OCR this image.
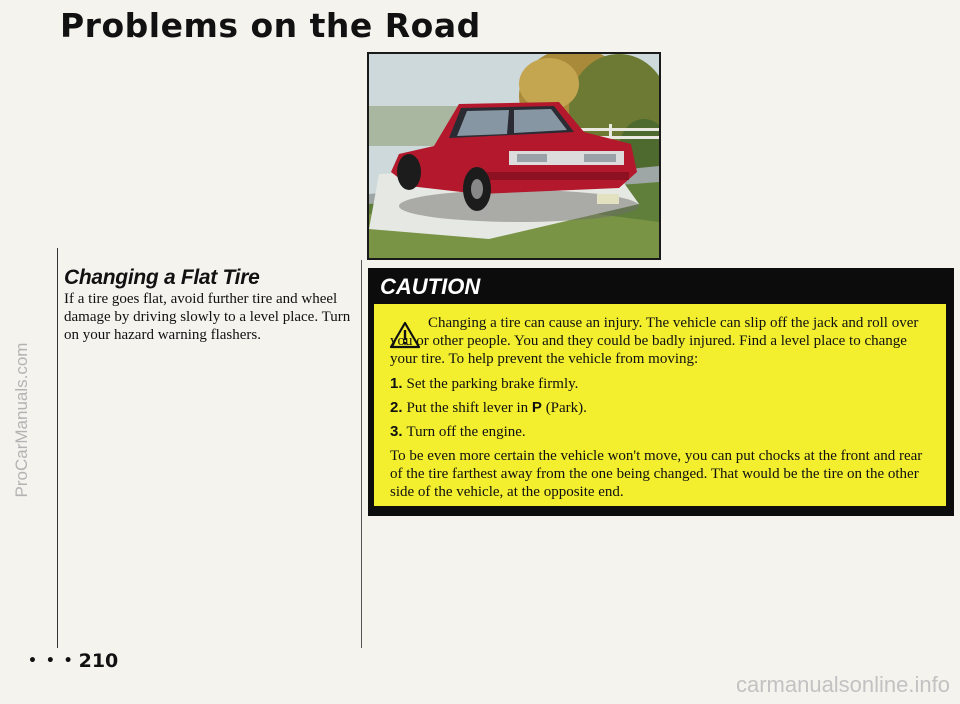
Problems on the Road
ProCarManuals.com
Changing a Flat Tire
If a tire goes flat, avoid further tire and wheel damage by driving slowly to a level place. Turn on your hazard warning flashers.
CAUTION

Changing a tire can cause an injury. The vehicle can slip off the jack and roll over you or other people. You and they could be badly injured. Find a level place to change your tire. To help prevent the vehicle from moving:

1. Set the parking brake firmly.

2. Put the shift lever in P (Park).

3. Turn off the engine.

To be even more certain the vehicle won't move, you can put chocks at the front and rear of the tire farthest away from the one being changed. That would be the tire on the other side of the vehicle, at the opposite end.

• • • 210
carmanualsonline.info
